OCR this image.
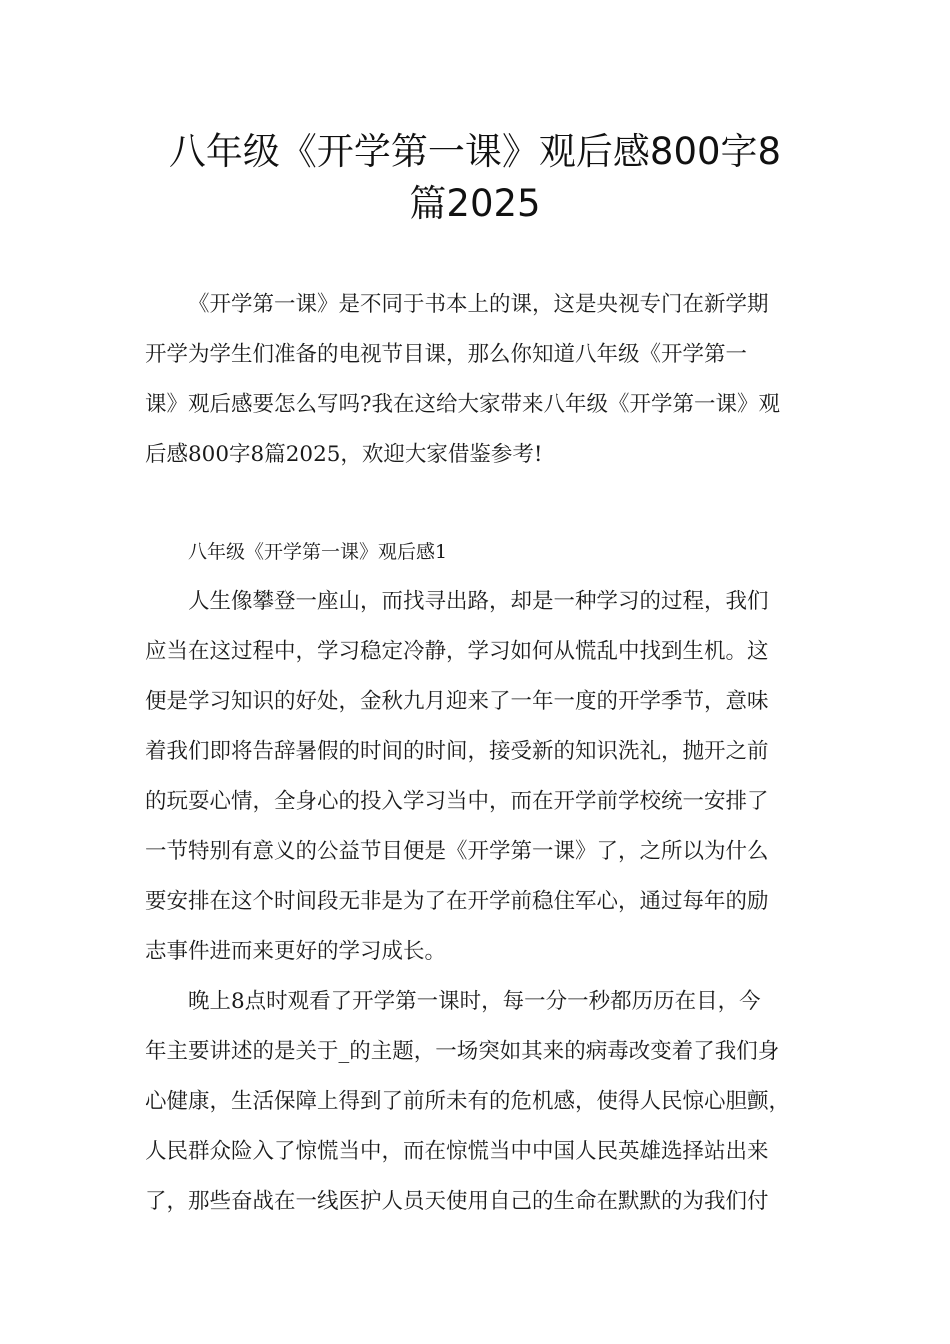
八年级《开学第一课》观后感800字8
篇2025

《开学第一课》是不同于书本上的课，这是央视专门在新学期
开学为学生们准备的电视节目课，那么你知道八年级《开学第一
课》观后感要怎么写吗?我在这给大家带来八年级《开学第一课》观
后感800字8篇2025，欢迎大家借鉴参考!

八年级《开学第一课》观后感1

人生像攀登一座山，而找寻出路，却是一种学习的过程，我们
应当在这过程中，学习稳定冷静，学习如何从慌乱中找到生机。这
便是学习知识的好处，金秋九月迎来了一年一度的开学季节，意味
着我们即将告辞暑假的时间的时间，接受新的知识洗礼，抛开之前
的玩耍心情，全身心的投入学习当中，而在开学前学校统一安排了
一节特别有意义的公益节目便是《开学第一课》了，之所以为什么
要安排在这个时间段无非是为了在开学前稳住军心，通过每年的励
志事件进而来更好的学习成长。

晚上8点时观看了开学第一课时，每一分一秒都历历在目，今
年主要讲述的是关于_的主题，一场突如其来的病毒改变着了我们身
心健康，生活保障上得到了前所未有的危机感，使得人民惊心胆颤，
人民群众险入了惊慌当中，而在惊慌当中中国人民英雄选择站出来
了，那些奋战在一线医护人员天使用自己的生命在默默的为我们付
